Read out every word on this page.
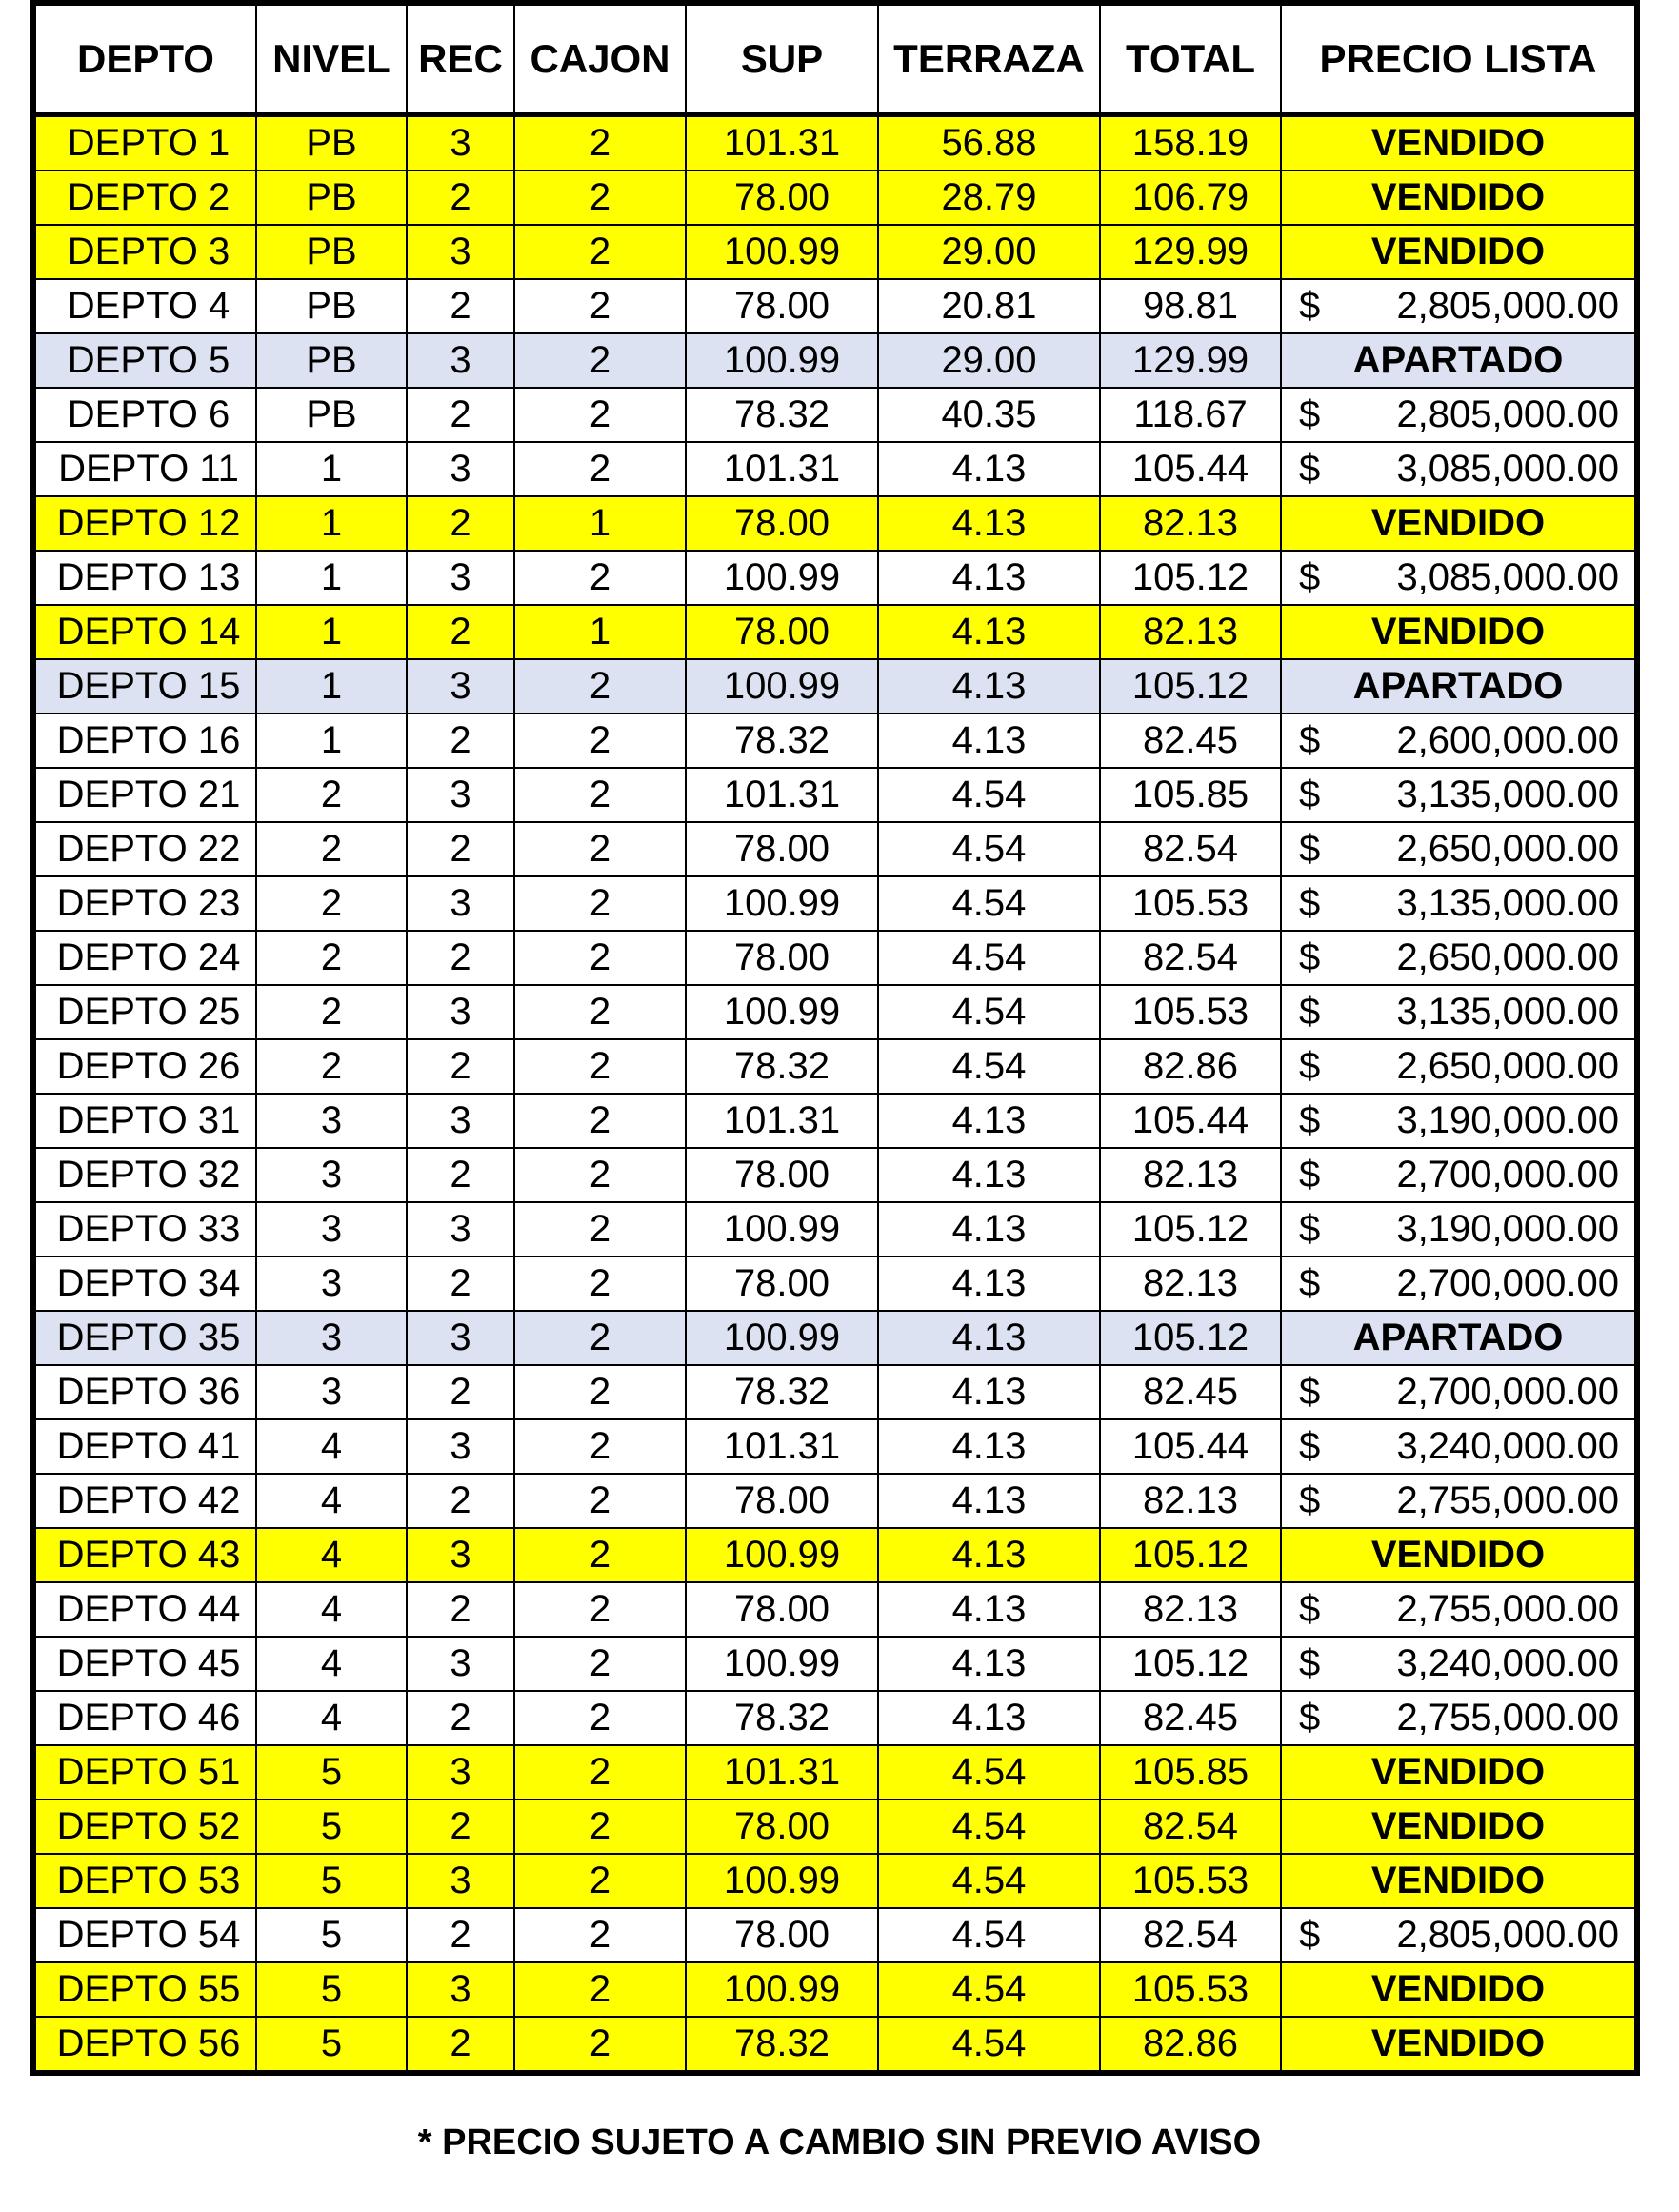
DEPTO	NIVEL	REC	CAJON	SUP	TERRAZA	TOTAL	PRECIO LISTA
DEPTO 1	PB	3	2	101.31	56.88	158.19	VENDIDO
DEPTO 2	PB	2	2	78.00	28.79	106.79	VENDIDO
DEPTO 3	PB	3	2	100.99	29.00	129.99	VENDIDO
DEPTO 4	PB	2	2	78.00	20.81	98.81	$ 2,805,000.00

DEPTO 5	PB	3	2	100.99	29.00	129.99	APARTADO
DEPTO 6	PB	2	2	78.32	40.35	118.67	$ 2,805,000.00

DEPTO 11	1	3	2	101.31	4.13	105.44	$ 3,085,000.00

DEPTO 12	1	2	1	78.00	4.13	82.13	VENDIDO
DEPTO 13	1	3	2	100.99	4.13	105.12	$ 3,085,000.00

DEPTO 14	1	2	1	78.00	4.13	82.13	VENDIDO
DEPTO 15	1	3	2	100.99	4.13	105.12	APARTADO
DEPTO 16	1	2	2	78.32	4.13	82.45	$ 2,600,000.00

DEPTO 21	2	3	2	101.31	4.54	105.85	$ 3,135,000.00

DEPTO 22	2	2	2	78.00	4.54	82.54	$ 2,650,000.00

DEPTO 23	2	3	2	100.99	4.54	105.53	$ 3,135,000.00

DEPTO 24	2	2	2	78.00	4.54	82.54	$ 2,650,000.00

DEPTO 25	2	3	2	100.99	4.54	105.53	$ 3,135,000.00

DEPTO 26	2	2	2	78.32	4.54	82.86	$ 2,650,000.00

DEPTO 31	3	3	2	101.31	4.13	105.44	$ 3,190,000.00

DEPTO 32	3	2	2	78.00	4.13	82.13	$ 2,700,000.00

DEPTO 33	3	3	2	100.99	4.13	105.12	$ 3,190,000.00

DEPTO 34	3	2	2	78.00	4.13	82.13	$ 2,700,000.00

DEPTO 35	3	3	2	100.99	4.13	105.12	APARTADO
DEPTO 36	3	2	2	78.32	4.13	82.45	$ 2,700,000.00

DEPTO 41	4	3	2	101.31	4.13	105.44	$ 3,240,000.00

DEPTO 42	4	2	2	78.00	4.13	82.13	$ 2,755,000.00

DEPTO 43	4	3	2	100.99	4.13	105.12	VENDIDO
DEPTO 44	4	2	2	78.00	4.13	82.13	$ 2,755,000.00

DEPTO 45	4	3	2	100.99	4.13	105.12	$ 3,240,000.00

DEPTO 46	4	2	2	78.32	4.13	82.45	$ 2,755,000.00

DEPTO 51	5	3	2	101.31	4.54	105.85	VENDIDO
DEPTO 52	5	2	2	78.00	4.54	82.54	VENDIDO
DEPTO 53	5	3	2	100.99	4.54	105.53	VENDIDO
DEPTO 54	5	2	2	78.00	4.54	82.54	$ 2,805,000.00

DEPTO 55	5	3	2	100.99	4.54	105.53	VENDIDO
DEPTO 56	5	2	2	78.32	4.54	82.86	VENDIDO
* PRECIO SUJETO A CAMBIO SIN PREVIO AVISO
